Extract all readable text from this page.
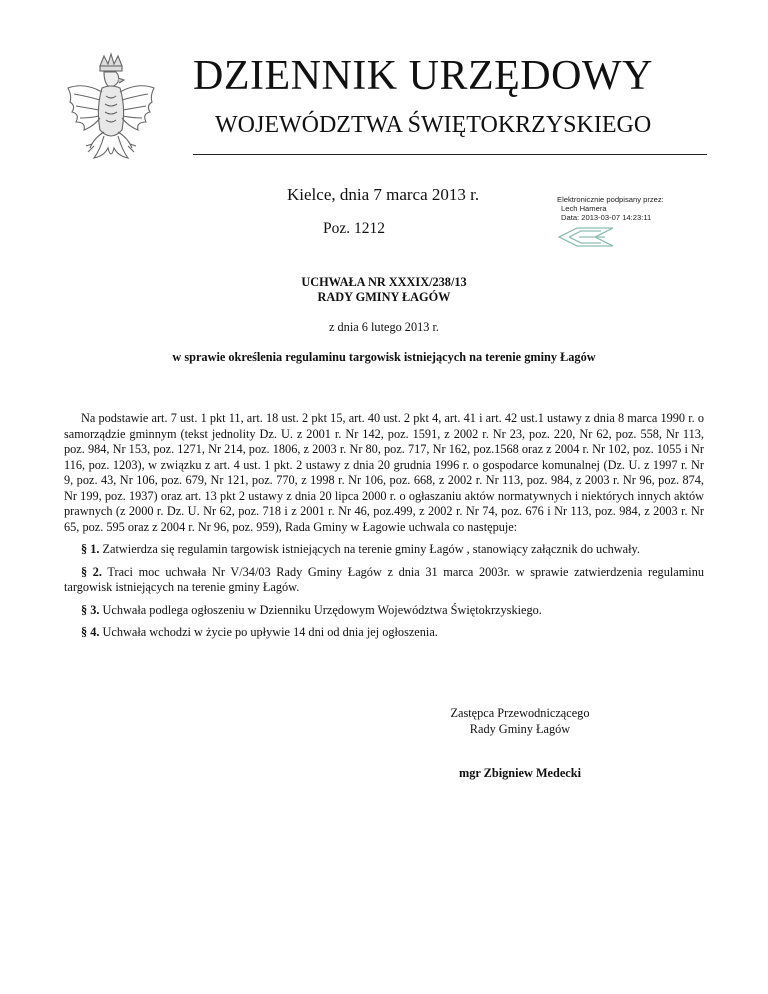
DZIENNIK URZĘDOWY
WOJEWÓDZTWA ŚWIĘTOKRZYSKIEGO
Kielce, dnia 7 marca 2013 r.
Poz. 1212
Elektronicznie podpisany przez:
Lech Hamera
Data: 2013-03-07 14:23:11
UCHWAŁA NR XXXIX/238/13
RADY GMINY ŁAGÓW
z dnia 6 lutego 2013 r.
w sprawie określenia regulaminu targowisk istniejących na terenie gminy Łagów

Na podstawie art. 7 ust. 1 pkt 11, art. 18 ust. 2 pkt 15, art. 40 ust. 2 pkt 4, art. 41 i art. 42 ust.1 ustawy z dnia 8 marca 1990 r. o samorządzie gminnym (tekst jednolity Dz. U. z 2001 r. Nr 142, poz. 1591, z 2002 r. Nr 23, poz. 220, Nr 62, poz. 558, Nr 113, poz. 984, Nr 153, poz. 1271, Nr 214, poz. 1806, z 2003 r. Nr 80, poz. 717, Nr 162, poz.1568 oraz z 2004 r. Nr 102, poz. 1055 i Nr 116, poz. 1203), w związku z art. 4 ust. 1 pkt. 2 ustawy z dnia 20 grudnia 1996 r. o gospodarce komunalnej (Dz. U. z 1997 r. Nr 9, poz. 43, Nr 106, poz. 679, Nr 121, poz. 770, z 1998 r. Nr 106, poz. 668, z 2002 r. Nr 113, poz. 984, z 2003 r. Nr 96, poz. 874, Nr 199, poz. 1937) oraz art. 13 pkt 2 ustawy z dnia 20 lipca 2000 r. o ogłaszaniu aktów normatywnych i niektórych innych aktów prawnych (z 2000 r. Dz. U. Nr 62, poz. 718 i z 2001 r. Nr 46, poz.499, z 2002 r. Nr 74, poz. 676 i Nr 113, poz. 984, z 2003 r. Nr 65, poz. 595 oraz z 2004 r. Nr 96, poz. 959), Rada Gminy w Łagowie uchwala co następuje:

§ 1. Zatwierdza się regulamin targowisk istniejących na terenie gminy Łagów , stanowiący załącznik do uchwały.

§ 2. Traci moc uchwała Nr V/34/03 Rady Gminy Łagów z dnia 31 marca 2003r. w sprawie zatwierdzenia regulaminu targowisk istniejących na terenie gminy Łagów.

§ 3. Uchwała podlega ogłoszeniu w Dzienniku Urzędowym Województwa Świętokrzyskiego.

§ 4. Uchwała wchodzi w życie po upływie 14 dni od dnia jej ogłoszenia.

Zastępca Przewodniczącego
Rady Gminy Łagów
mgr Zbigniew Medecki
